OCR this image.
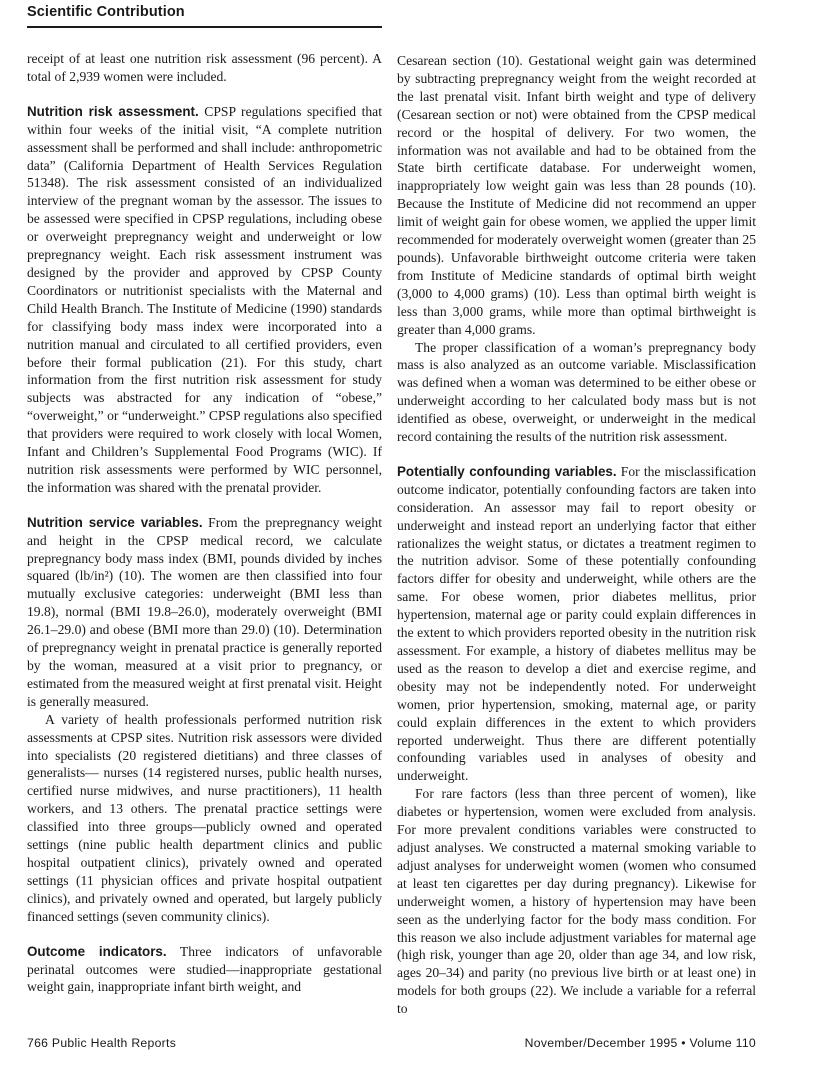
Scientific Contribution

receipt of at least one nutrition risk assessment (96 percent). A total of 2,939 women were included.

Nutrition risk assessment. CPSP regulations specified that within four weeks of the initial visit, “A complete nutrition assessment shall be performed and shall include: anthropometric data” (California Department of Health Services Regulation 51348). The risk assessment consisted of an individualized interview of the pregnant woman by the assessor. The issues to be assessed were specified in CPSP regulations, including obese or overweight prepregnancy weight and underweight or low prepregnancy weight. Each risk assessment instrument was designed by the provider and approved by CPSP County Coordinators or nutritionist specialists with the Maternal and Child Health Branch. The Institute of Medicine (1990) standards for classifying body mass index were incorporated into a nutrition manual and circulated to all certified providers, even before their formal publication (21). For this study, chart information from the first nutrition risk assessment for study subjects was abstracted for any indication of “obese,” “overweight,” or “underweight.” CPSP regulations also specified that providers were required to work closely with local Women, Infant and Children’s Supplemental Food Programs (WIC). If nutrition risk assessments were performed by WIC personnel, the information was shared with the prenatal provider.

Nutrition service variables. From the prepregnancy weight and height in the CPSP medical record, we calculate prepregnancy body mass index (BMI, pounds divided by inches squared (lb/in²) (10). The women are then classified into four mutually exclusive categories: underweight (BMI less than 19.8), normal (BMI 19.8–26.0), moderately overweight (BMI 26.1–29.0) and obese (BMI more than 29.0) (10). Determination of prepregnancy weight in prenatal practice is generally reported by the woman, measured at a visit prior to pregnancy, or estimated from the measured weight at first prenatal visit. Height is generally measured.

A variety of health professionals performed nutrition risk assessments at CPSP sites. Nutrition risk assessors were divided into specialists (20 registered dietitians) and three classes of generalists— nurses (14 registered nurses, public health nurses, certified nurse midwives, and nurse practitioners), 11 health workers, and 13 others. The prenatal practice settings were classified into three groups—publicly owned and operated settings (nine public health department clinics and public hospital outpatient clinics), privately owned and operated settings (11 physician offices and private hospital outpatient clinics), and privately owned and operated, but largely publicly financed settings (seven community clinics).

Outcome indicators. Three indicators of unfavorable perinatal outcomes were studied—inappropriate gestational weight gain, inappropriate infant birth weight, and

Cesarean section (10). Gestational weight gain was determined by subtracting prepregnancy weight from the weight recorded at the last prenatal visit. Infant birth weight and type of delivery (Cesarean section or not) were obtained from the CPSP medical record or the hospital of delivery. For two women, the information was not available and had to be obtained from the State birth certificate database. For underweight women, inappropriately low weight gain was less than 28 pounds (10). Because the Institute of Medicine did not recommend an upper limit of weight gain for obese women, we applied the upper limit recommended for moderately overweight women (greater than 25 pounds). Unfavorable birthweight outcome criteria were taken from Institute of Medicine standards of optimal birth weight (3,000 to 4,000 grams) (10). Less than optimal birth weight is less than 3,000 grams, while more than optimal birthweight is greater than 4,000 grams.

The proper classification of a woman’s prepregnancy body mass is also analyzed as an outcome variable. Misclassification was defined when a woman was determined to be either obese or underweight according to her calculated body mass but is not identified as obese, overweight, or underweight in the medical record containing the results of the nutrition risk assessment.

Potentially confounding variables. For the misclassification outcome indicator, potentially confounding factors are taken into consideration. An assessor may fail to report obesity or underweight and instead report an underlying factor that either rationalizes the weight status, or dictates a treatment regimen to the nutrition advisor. Some of these potentially confounding factors differ for obesity and underweight, while others are the same. For obese women, prior diabetes mellitus, prior hypertension, maternal age or parity could explain differences in the extent to which providers reported obesity in the nutrition risk assessment. For example, a history of diabetes mellitus may be used as the reason to develop a diet and exercise regime, and obesity may not be independently noted. For underweight women, prior hypertension, smoking, maternal age, or parity could explain differences in the extent to which providers reported underweight. Thus there are different potentially confounding variables used in analyses of obesity and underweight.

For rare factors (less than three percent of women), like diabetes or hypertension, women were excluded from analysis. For more prevalent conditions variables were constructed to adjust analyses. We constructed a maternal smoking variable to adjust analyses for underweight women (women who consumed at least ten cigarettes per day during pregnancy). Likewise for underweight women, a history of hypertension may have been seen as the underlying factor for the body mass condition. For this reason we also include adjustment variables for maternal age (high risk, younger than age 20, older than age 34, and low risk, ages 20–34) and parity (no previous live birth or at least one) in models for both groups (22). We include a variable for a referral to

766 Public Health Reports	November/December 1995 • Volume 110
